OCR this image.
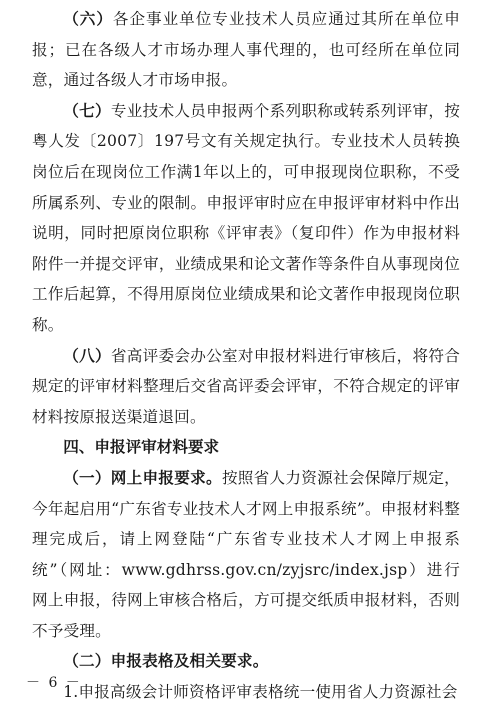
（六）各企事业单位专业技术人员应通过其所在单位申报；已在各级人才市场办理人事代理的，也可经所在单位同意，通过各级人才市场申报。

（七）专业技术人员申报两个系列职称或转系列评审，按粤人发〔2007〕197号文有关规定执行。专业技术人员转换岗位后在现岗位工作满1年以上的，可申报现岗位职称，不受所属系列、专业的限制。申报评审时应在申报评审材料中作出说明，同时把原岗位职称《评审表》（复印件）作为申报材料附件一并提交评审，业绩成果和论文著作等条件自从事现岗位工作后起算，不得用原岗位业绩成果和论文著作申报现岗位职称。

（八）省高评委会办公室对申报材料进行审核后，将符合规定的评审材料整理后交省高评委会评审，不符合规定的评审材料按原报送渠道退回。

四、申报评审材料要求

（一）网上申报要求。按照省人力资源社会保障厅规定，今年起启用“广东省专业技术人才网上申报系统”。申报材料整理完成后，请上网登陆“广东省专业技术人才网上申报系统”（网址：www.gdhrss.gov.cn/zyjsrc/index.jsp）进行网上申报，待网上审核合格后，方可提交纸质申报材料，否则不予受理。

（二）申报表格及相关要求。

1.申报高级会计师资格评审表格统一使用省人力资源社会

－ 6 －
